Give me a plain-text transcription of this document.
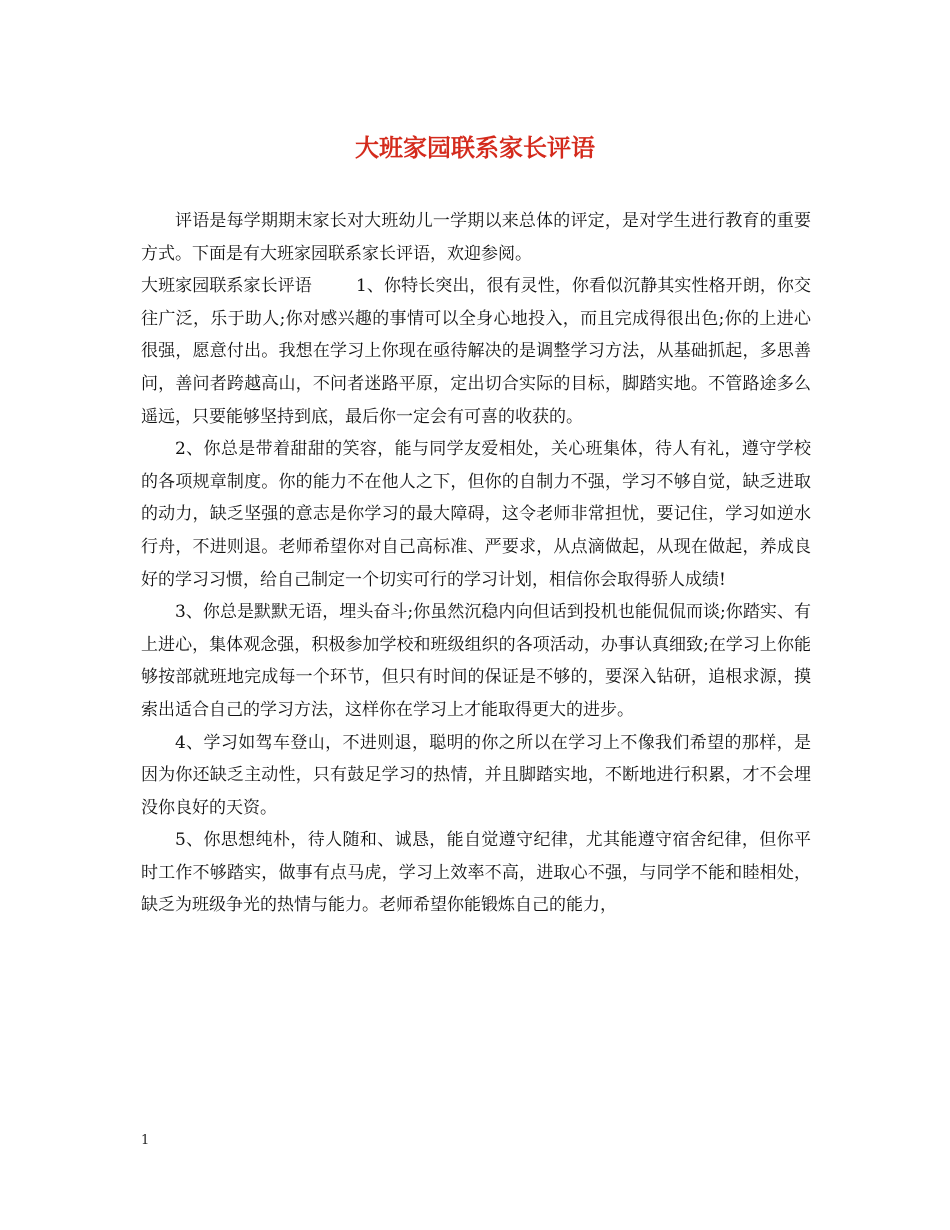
大班家园联系家长评语

评语是每学期期末家长对大班幼儿一学期以来总体的评定，是对学生进行教育的重要方式。下面是有大班家园联系家长评语，欢迎参阅。

大班家园联系家长评语	1、你特长突出，很有灵性，你看似沉静其实性格开朗，你交往广泛，乐于助人;你对感兴趣的事情可以全身心地投入，而且完成得很出色;你的上进心很强，愿意付出。我想在学习上你现在亟待解决的是调整学习方法，从基础抓起，多思善问，善问者跨越高山，不问者迷路平原，定出切合实际的目标，脚踏实地。不管路途多么遥远，只要能够坚持到底，最后你一定会有可喜的收获的。

2、你总是带着甜甜的笑容，能与同学友爱相处，关心班集体，待人有礼，遵守学校的各项规章制度。你的能力不在他人之下，但你的自制力不强，学习不够自觉，缺乏进取的动力，缺乏坚强的意志是你学习的最大障碍，这令老师非常担忧，要记住，学习如逆水行舟，不进则退。老师希望你对自己高标准、严要求，从点滴做起，从现在做起，养成良好的学习习惯，给自己制定一个切实可行的学习计划，相信你会取得骄人成绩!

3、你总是默默无语，埋头奋斗;你虽然沉稳内向但话到投机也能侃侃而谈;你踏实、有上进心，集体观念强，积极参加学校和班级组织的各项活动，办事认真细致;在学习上你能够按部就班地完成每一个环节，但只有时间的保证是不够的，要深入钻研，追根求源，摸索出适合自己的学习方法，这样你在学习上才能取得更大的进步。

4、学习如驾车登山，不进则退，聪明的你之所以在学习上不像我们希望的那样，是因为你还缺乏主动性，只有鼓足学习的热情，并且脚踏实地，不断地进行积累，才不会埋没你良好的天资。

5、你思想纯朴，待人随和、诚恳，能自觉遵守纪律，尤其能遵守宿舍纪律，但你平时工作不够踏实，做事有点马虎，学习上效率不高，进取心不强，与同学不能和睦相处，缺乏为班级争光的热情与能力。老师希望你能锻炼自己的能力，

1
